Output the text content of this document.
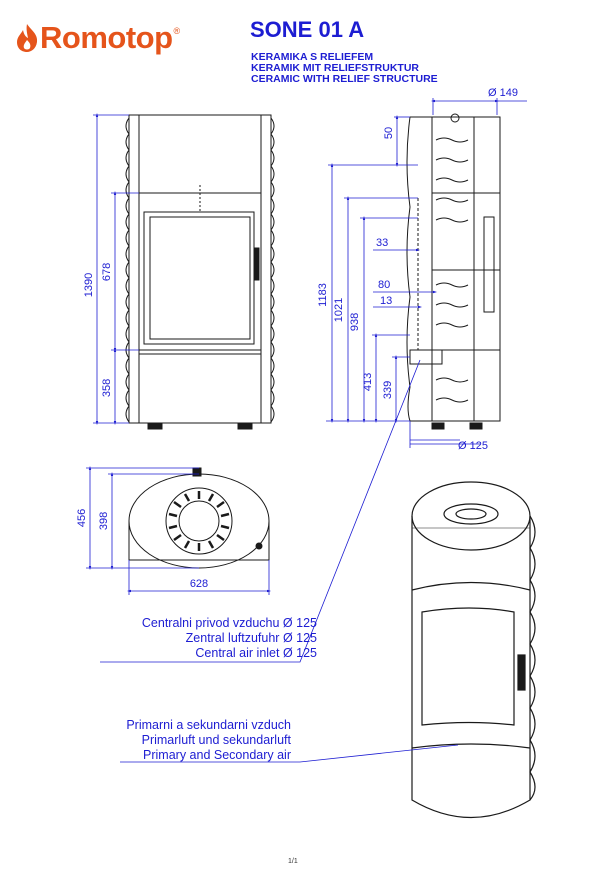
Romotop ®	SONE 01 A
KERAMIKA S RELIEFEM
KERAMIK MIT RELIEFSTRUKTUR
CERAMIC WITH RELIEF STRUCTURE
1390
678
358
Ø 149
50
1183
1021 938
33
80
13
413 339
Ø 125
456 398
628
Centralni privod vzduchu Ø 125
Zentral luftzufuhr Ø 125
Central air inlet Ø 125
Primarni a sekundarni vzduch
Primarluft und sekundarluft
Primary and Secondary air
1/1
